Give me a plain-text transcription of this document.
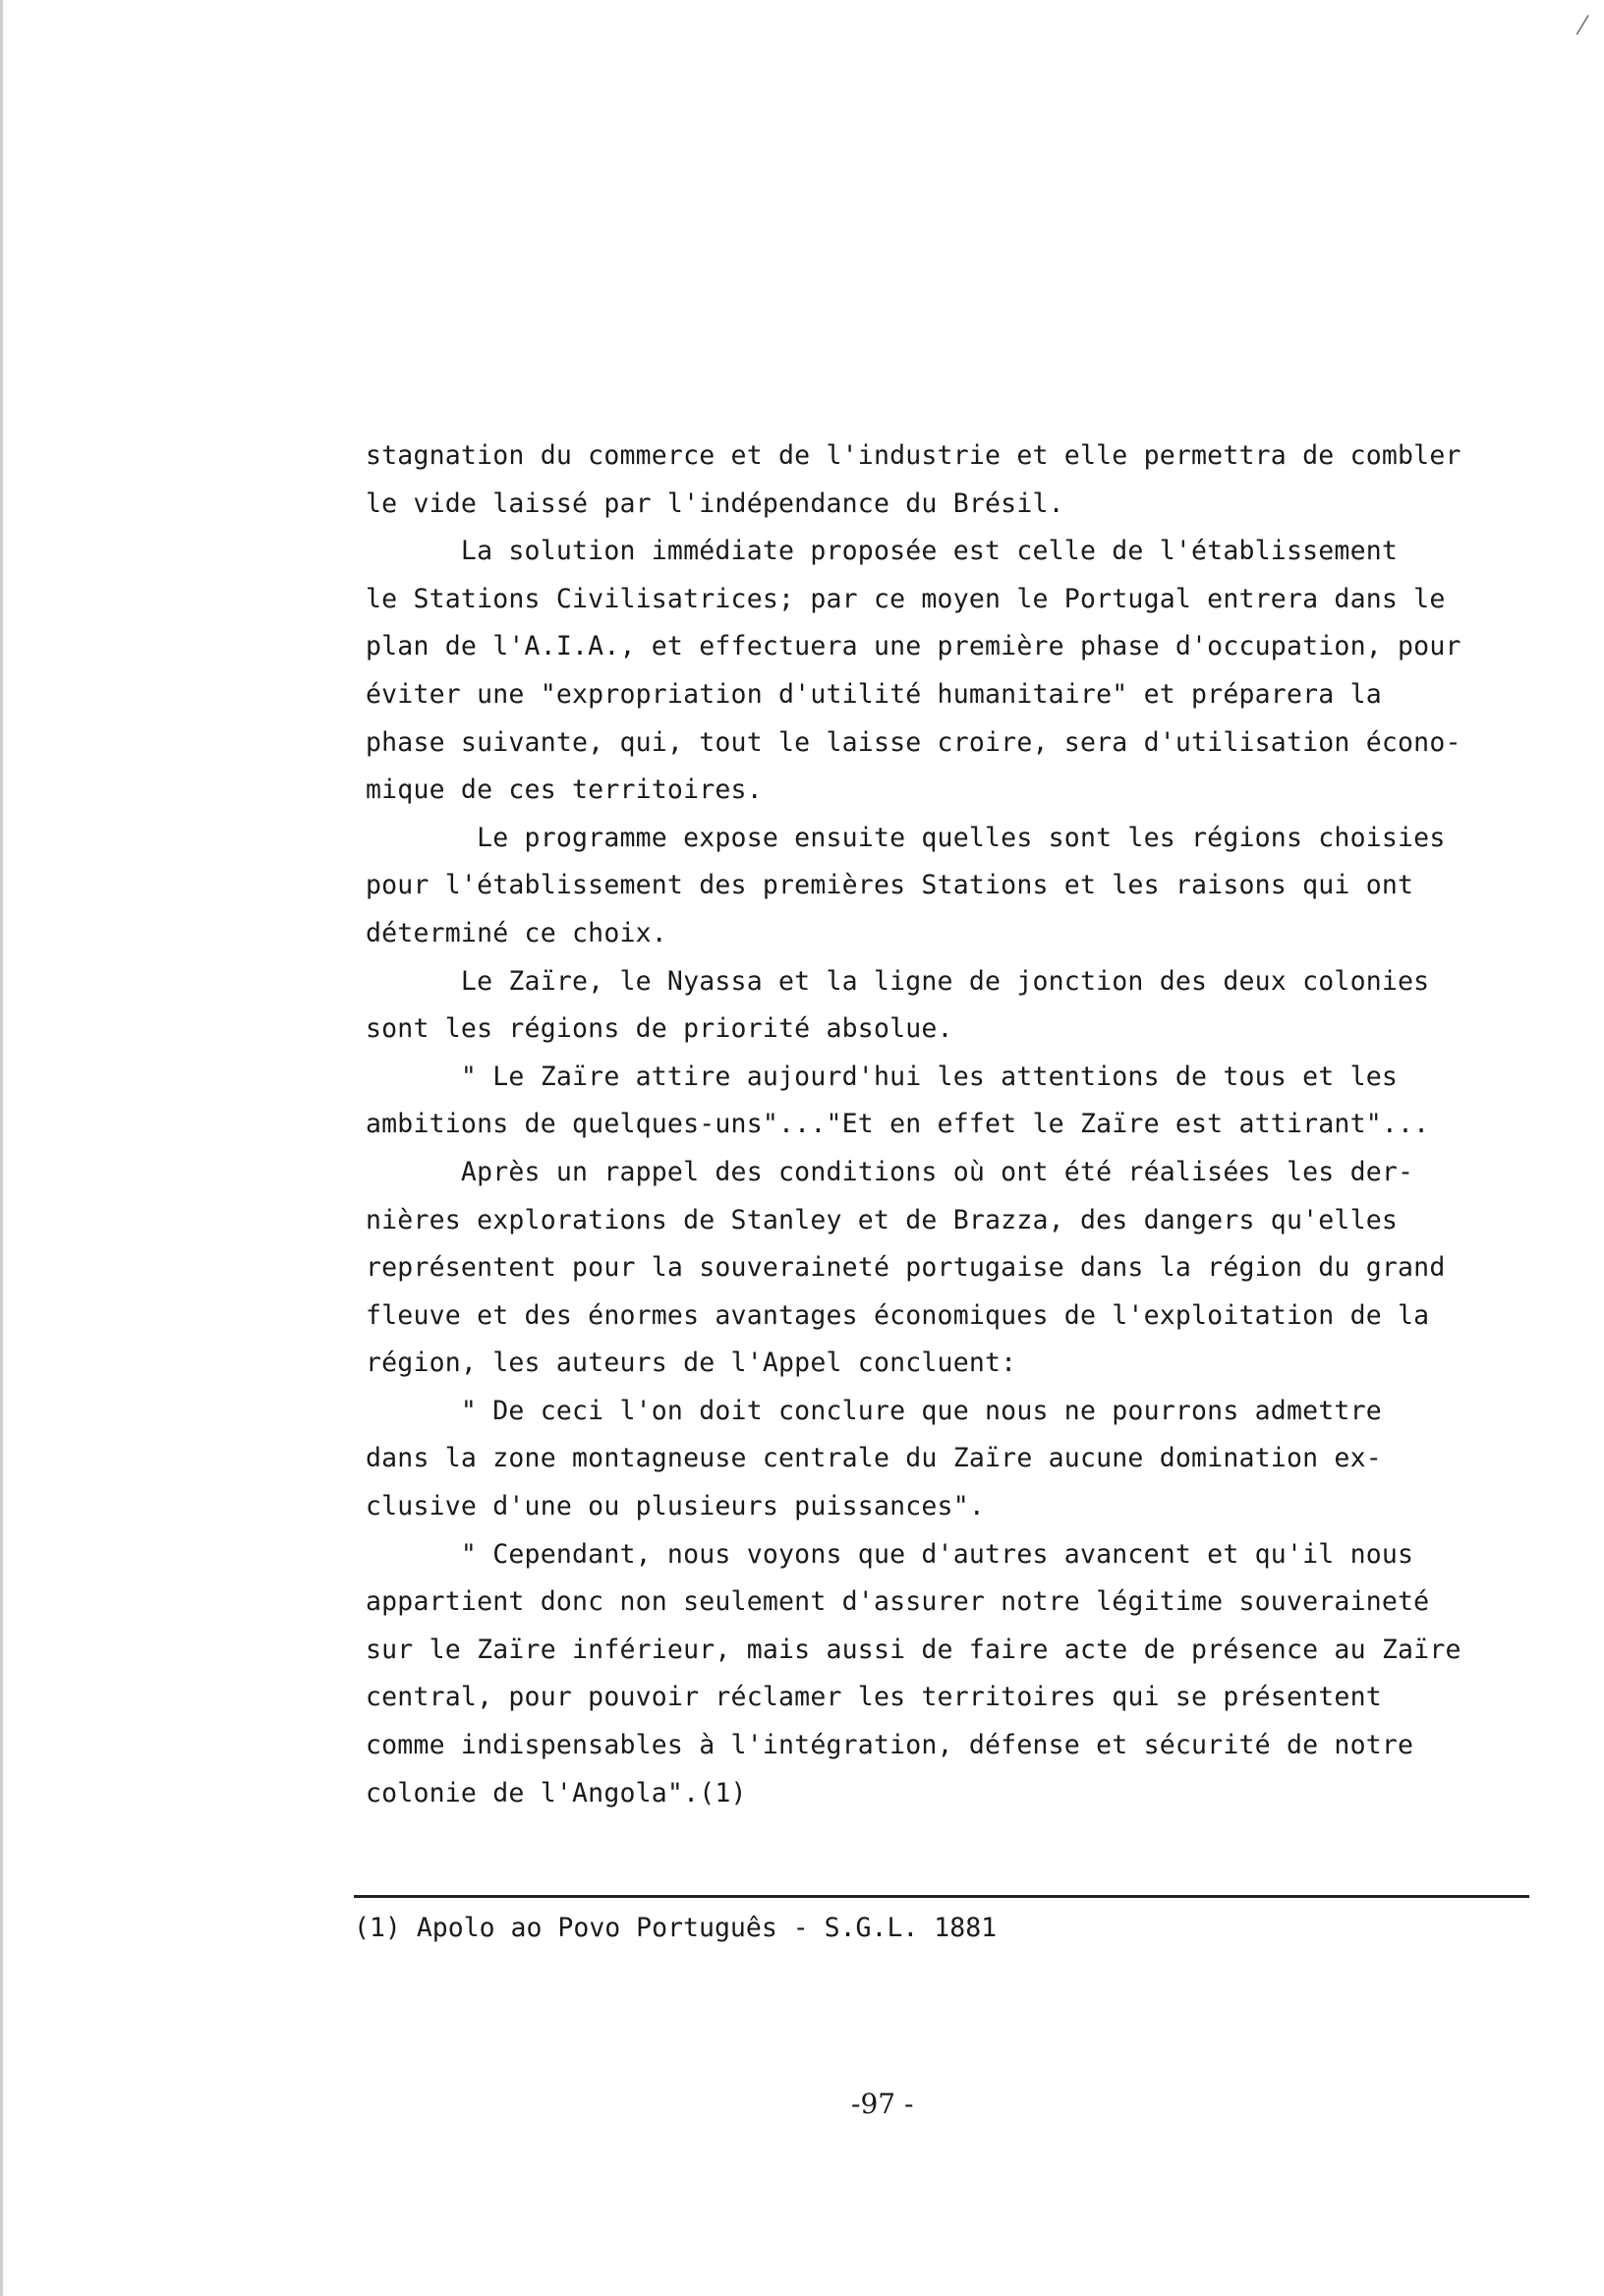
⁄
stagnation du commerce et de l'industrie et elle permettra de combler
le vide laissé par l'indépendance du Brésil.
La solution immédiate proposée est celle de l'établissement
le Stations Civilisatrices; par ce moyen le Portugal entrera dans le
plan de l'A.I.A., et effectuera une première phase d'occupation, pour
éviter une "expropriation d'utilité humanitaire" et préparera la
phase suivante, qui, tout le laisse croire, sera d'utilisation écono-
mique de ces territoires.
Le programme expose ensuite quelles sont les régions choisies
pour l'établissement des premières Stations et les raisons qui ont
déterminé ce choix.
Le Zaïre, le Nyassa et la ligne de jonction des deux colonies
sont les régions de priorité absolue.
" Le Zaïre attire aujourd'hui les attentions de tous et les
ambitions de quelques-uns"..."Et en effet le Zaïre est attirant"...
Après un rappel des conditions où ont été réalisées les der-
nières explorations de Stanley et de Brazza, des dangers qu'elles
représentent pour la souveraineté portugaise dans la région du grand
fleuve et des énormes avantages économiques de l'exploitation de la
région, les auteurs de l'Appel concluent:
" De ceci l'on doit conclure que nous ne pourrons admettre
dans la zone montagneuse centrale du Zaïre aucune domination ex-
clusive d'une ou plusieurs puissances".
" Cependant, nous voyons que d'autres avancent et qu'il nous
appartient donc non seulement d'assurer notre légitime souveraineté
sur le Zaïre inférieur, mais aussi de faire acte de présence au Zaïre
central, pour pouvoir réclamer les territoires qui se présentent
comme indispensables à l'intégration, défense et sécurité de notre
colonie de l'Angola".(1)
(1) Apolo ao Povo Português - S.G.L. 1881
-97 -
